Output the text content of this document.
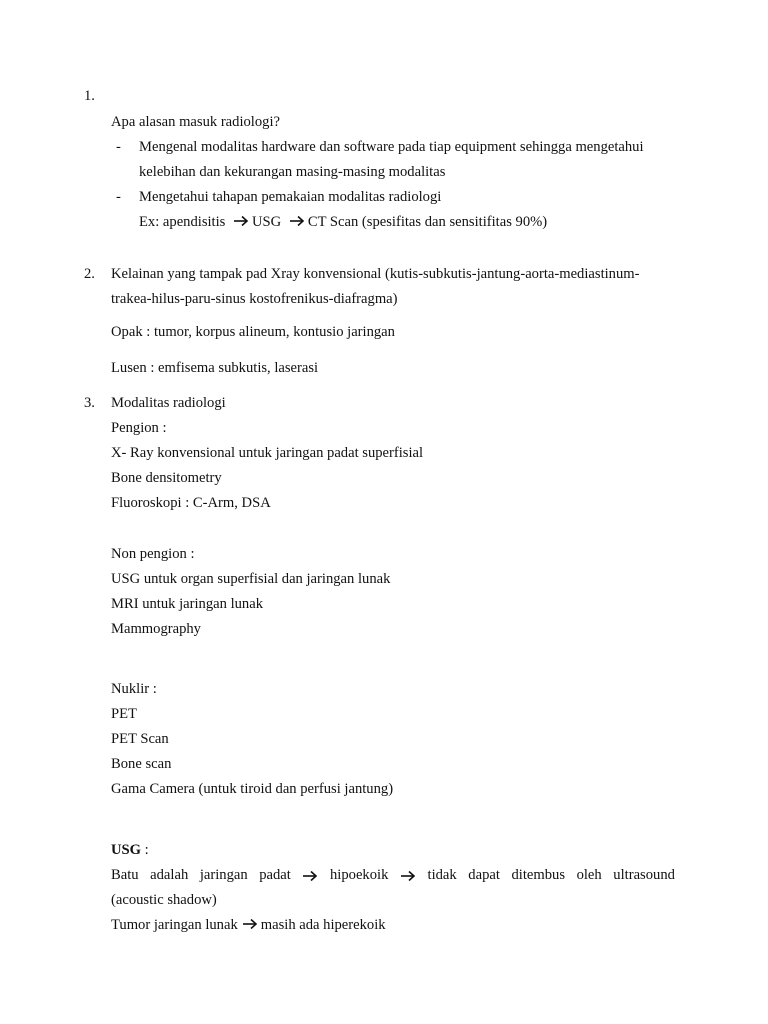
1.
Apa alasan masuk radiologi?
- Mengenal modalitas hardware dan software pada tiap equipment sehingga mengetahui
kelebihan dan kekurangan masing-masing modalitas
- Mengetahui tahapan pemakaian modalitas radiologi
Ex: apendisitis USG CT Scan (spesifitas dan sensitifitas 90%)
2. Kelainan yang tampak pad Xray konvensional (kutis-subkutis-jantung-aorta-mediastinum-
trakea-hilus-paru-sinus kostofrenikus-diafragma)
Opak : tumor, korpus alineum, kontusio jaringan
Lusen : emfisema subkutis, laserasi
3. Modalitas radiologi
Pengion :
X- Ray konvensional untuk jaringan padat superfisial
Bone densitometry
Fluoroskopi : C-Arm, DSA
Non pengion :
USG untuk organ superfisial dan jaringan lunak
MRI untuk jaringan lunak
Mammography
Nuklir :
PET
PET Scan
Bone scan
Gama Camera (untuk tiroid dan perfusi jantung)
USG :
Batu adalah jaringan padat	hipoekoik	tidak dapat ditembus oleh ultrasound
(acoustic shadow)
Tumor jaringan lunak masih ada hiperekoik
